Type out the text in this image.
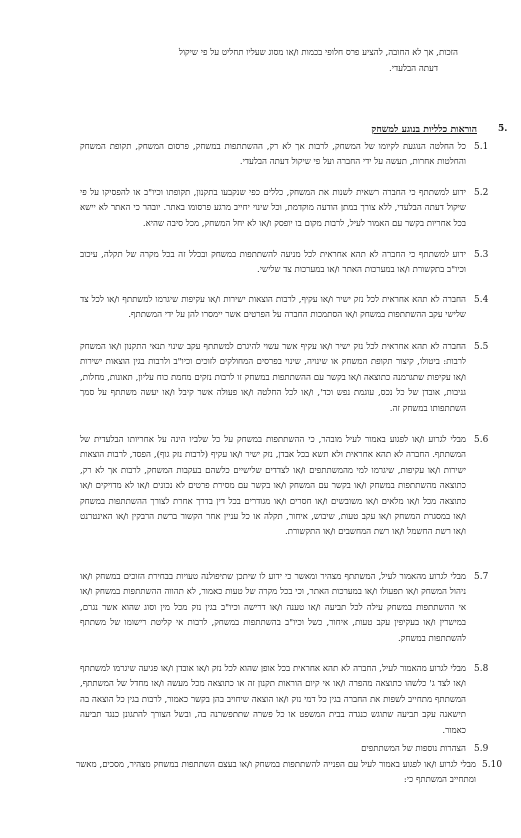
הזכות, אך לא החובה, להציע פרס חלופי בכמות ו/או מסוג שעליו תחליט על פי שיקול
דעתה הבלעדי.
5.
הוראות כלליות בנוגע למשחק
5.1
כל החלטה הנוגעת לקיומו של המשחק, לרבות אך לא רק, ההשתתפות במשחק, פרסום המשחק, תקופת המשחק והחלטות אחרות, תעשה על ידי החברה ועל פי שיקול דעתה הבלעדי.
5.2
ידוע למשתתף כי החברה רשאית לשנות את המשחק, כללים כפי שנקבעו בתקנון, תקופתו וכיו"ב או להפסיקו על פי שיקול דעתה הבלעדי, ללא צורך במתן הודעה מוקדמת, וכל שינוי יחייב מרגע פרסומו באתר. יובהר כי האתר לא יישא בכל אחריות בקשר עם האמור לעיל, לרבות מקום בו יופסק ו/או לא יחל המשחק, מכל סיבה שהיא.
5.3
ידוע למשתתף כי החברה לא תהא אחראית לכל מניעה להשתתפות במשחק ובכלל זה בכל מקרה של תקלה, עיכוב וכיו"ב בתקשורת ו/או במערכות האתר ו/או במערכות צד שלישי.
5.4
החברה לא תהא אחראית לכל נזק ישיר ו/או עקיף, לרבות הוצאות ישירות ו/או עקיפות שיגרמו למשתתף ו/או לכל צד שלישי עקב ההשתתפות במשחק ו/או הסתמכות החברה על הפרטים אשר יימסרו להן על ידי המשתתף.
5.5
החברה לא תהא אחראית לכל נזק ישיר ו/או עקיף אשר עשוי להיגרם למשתתף עקב שינוי תנאי התקנון ו/או המשחק לרבות: ביטולו, קיצור תקופת המשחק או שינויה, שינוי בפרסים המחולקים לזוכים וכיו"ב ולרבות בגין הוצאות ישירות ו/או עקיפות שתגרמנה כתוצאה ו/או בקשר עם ההשתתפות במשחק זו לרבות נזקים מחמת כוח עליון, תאונות, מחלות, גניבות, אובדן של כל נכס, עוגמת נפש וכד', ו/או לכל החלטה ו/או פעולה אשר קיבל ו/או יעשה משתתף על סמך השתתפותו במשחק זה.
5.6
מבלי לגרוע ו/או לפגוע באמור לעיל מובהר, כי ההשתתפות במשחק על כל שלביו הינה על אחריותו הבלעדית של המשתתף. החברה לא תהא אחראית ולא תשא בכל אבדן, נזק ישיר ו/או עקיף (לרבות נזק גוף), הפסד, לרבות הוצאות ישירות ו/או עקיפות, שיגרמו למי מהמשתתפים ו/או לצדדים שלישיים כלשהם בעקבות המשחק, לרבות אך לא רק, כתוצאה מהשתתפות במשחק ו/או בקשר עם המשחק ו/או בקשר עם מסירת פרטים לא נכונים ו/או לא מדויקים ו/או כתוצאה מכל ו/או מלאים ו/או משובשים ו/או חסרים ו/או מגודרים בכל דין בדרך אחרת לצורך ההשתתפות במשחק ו/או במסגרת המשחק ו/או עקב טעות, שיבוש, איחור, תקלה או כל עניין אחר הקשור ברשת הרבקין ו/או האינטרנט ו/או רשת החשמל ו/או רשת המחשבים ו/או התקשורת.
5.7
מבלי לגרוע מהאמור לעיל, המשתתף מצהיר ומאשר כי ידוע לו שיתכן שתיפולנה טעויות בבחירת הזוכים במשחק ו/או ניהול המשחק ו/או תפעולו ו/או במערכות האתר, וכי בכל מקרה של טעות כאמור, לא תהווה ההשתתפות במשחק ו/או אי ההשתתפות במשחק עילה לכל תביעה ו/או טענה ו/או דרישה וכיו"ב בגין נזק מכל מין וסוג שהוא אשר נגרם, במישרין ו/או בעקיפין עקב טעות, איחור, כשל וכיו"ב בהשתתפות במשחק, לרבות אי קליטת רישומו של משתתף להשתתפות במשחק.
5.8
מבלי לגרוע מהאמור לעיל, החברה לא תהא אחראית בכל אופן שהוא לכל נזק ו/או אובדן ו/או פגיעה שיגרמו למשתתף ו/או לצד ג' כלשהו כתוצאה מהפרה ו/או אי קיום הוראות תקנון זה או כתוצאה מכל מעשה ו/או מחדל של המשתתף, המשתתף מתחייב לשפות את החברה בגין כל דמי נזק ו/או הוצאה שיחויב בהן בקשר כאמור, לרבות בגין כל הוצאה בה תישאנה עקב תביעה שתוגש כנגדה בבית המשפט או כל פשרה שתתפשרנה בה, ובשל הצורך להתגונן כנגד תביעה כאמור.
5.9
הצהרות נוספות של המשתתפים
5.10
מבלי לגרוע ו/או לפגוע באמור לעיל עם הפנייה להשתתפות במשחק ו/או בעצם השתתפות במשחק מצהיר, מסכים, מאשר ומתחייב המשתתף כי:
